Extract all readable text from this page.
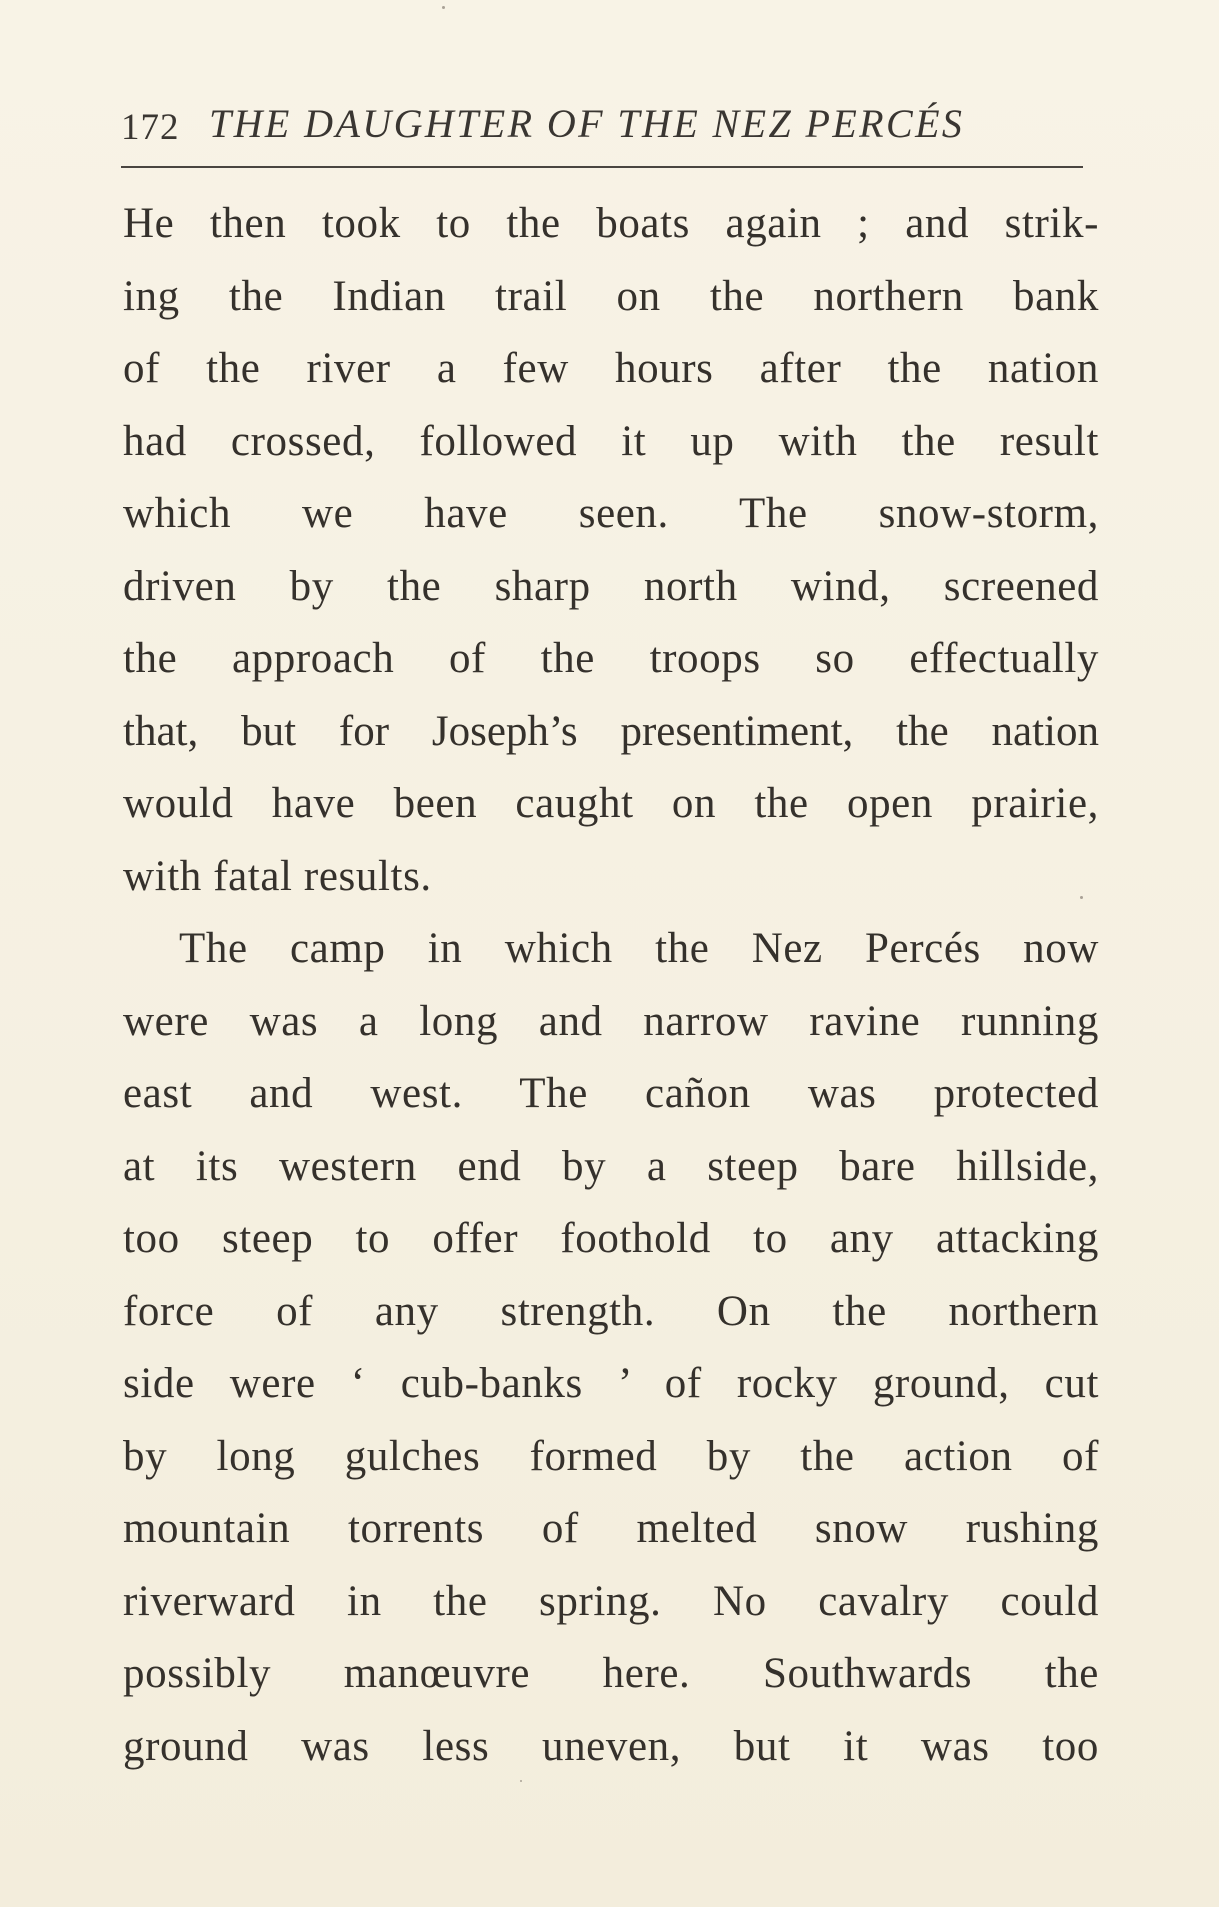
172 THE DAUGHTER OF THE NEZ PERCÉS
He then took to the boats again ; and strik-
ing the Indian trail on the northern bank
of the river a few hours after the nation
had crossed, followed it up with the result
which we have seen. The snow-storm,
driven by the sharp north wind, screened
the approach of the troops so effectually
that, but for Joseph’s presentiment, the nation
would have been caught on the open prairie,
with fatal results.
The camp in which the Nez Percés now
were was a long and narrow ravine running
east and west. The cañon was protected
at its western end by a steep bare hillside,
too steep to offer foothold to any attacking
force of any strength. On the northern
side were ‘ cub-banks ’ of rocky ground, cut
by long gulches formed by the action of
mountain torrents of melted snow rushing
riverward in the spring. No cavalry could
possibly manœuvre here. Southwards the
ground was less uneven, but it was too
